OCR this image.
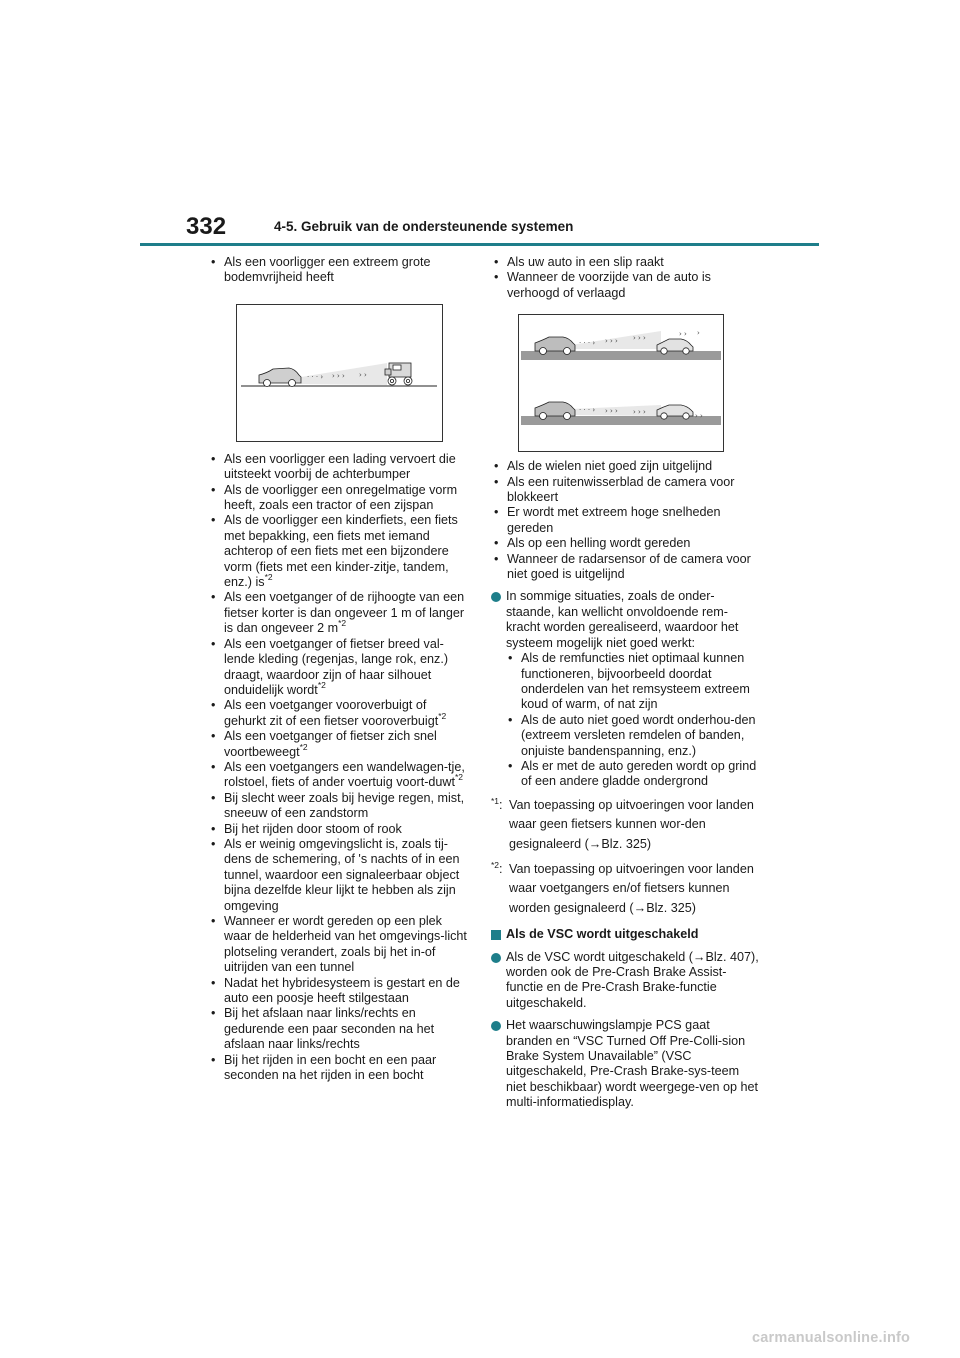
332	4-5. Gebruik van de ondersteunende systemen
• Als een voorligger een extreem grote bodemvrijheid heeft
· · · › › › › › ›
• Als een voorligger een lading vervoert die uitsteekt voorbij de achterbumper
• Als de voorligger een onregelmatige vorm heeft, zoals een tractor of een zijspan
• Als de voorligger een kinderfiets, een fiets met bepakking, een fiets met iemand achterop of een fiets met een bijzondere vorm (fiets met een kinder-zitje, tandem, enz.) $is^{*2}$
• Als een voetganger of de rijhoogte van een fietser korter is dan ongeveer 1 m of langer is dan ongeveer 2 $m^{*2}$
• Als een voetganger of fietser breed val-lende kleding (regenjas, lange rok, enz.) draagt, waardoor zijn of haar silhouet onduidelijk wordt$^{*2}$
• Als een voetganger vooroverbuigt of gehurkt zit of een fietser vooroverbuigt$^{*2}$
• Als een voetganger of fietser zich snel voortbeweegt$^{*2}$
• Als een voetgangers een wandelwagen-tje, rolstoel, fiets of ander voertuig voort-duwt$^{*2}$
• Bij slecht weer zoals bij hevige regen, mist, sneeuw of een zandstorm
• Bij het rijden door stoom of rook
• Als er weinig omgevingslicht is, zoals tij-dens de schemering, of 's nachts of in een tunnel, waardoor een signaleerbaar object bijna dezelfde kleur lijkt te hebben als zijn omgeving
• Wanneer er wordt gereden op een plek waar de helderheid van het omgevings-licht plotseling verandert, zoals bij het in-of uitrijden van een tunnel
• Nadat het hybridesysteem is gestart en de auto een poosje heeft stilgestaan
• Bij het afslaan naar links/rechts en gedurende een paar seconden na het afslaan naar links/rechts
• Bij het rijden in een bocht en een paar seconden na het rijden in een bocht
• Als uw auto in een slip raakt
• Wanneer de voorzijde van de auto is verhoogd of verlaagd
· · · › › › › › › ›	› › ›
· · · › › › › › › ›	› ›
• Als de wielen niet goed zijn uitgelijnd
• Als een ruitenwisserblad de camera voor blokkeert
• Er wordt met extreem hoge snelheden gereden
• Als op een helling wordt gereden
• Wanneer de radarsensor of de camera voor niet goed is uitgelijnd
In sommige situaties, zoals de onder-staande, kan wellicht onvoldoende rem-kracht worden gerealiseerd, waardoor het systeem mogelijk niet goed werkt:
• Als de remfuncties niet optimaal kunnen functioneren, bijvoorbeeld doordat onderdelen van het remsysteem extreem koud of warm, of nat zijn
• Als de auto niet goed wordt onderhou-den (extreem versleten remdelen of banden, onjuiste bandenspanning, enz.)
• Als er met de auto gereden wordt op grind of een andere gladde ondergrond
$^{*1}$: Van toepassing op uitvoeringen voor landen waar geen fietsers kunnen wor-den gesignaleerd (→Blz. 325)
$^{*2}$: Van toepassing op uitvoeringen voor landen waar voetgangers en/of fietsers kunnen worden gesignaleerd (→Blz. 325)
Als de VSC wordt uitgeschakeld
Als de VSC wordt uitgeschakeld (→Blz. 407), worden ook de Pre-Crash Brake Assist-functie en de Pre-Crash Brake-functie uitgeschakeld.
Het waarschuwingslampje PCS gaat branden en “VSC Turned Off Pre-Colli-sion Brake System Unavailable” (VSC uitgeschakeld, Pre-Crash Brake-sys-teem niet beschikbaar) wordt weergege-ven op het multi-informatiedisplay.
carmanualsonline.info
